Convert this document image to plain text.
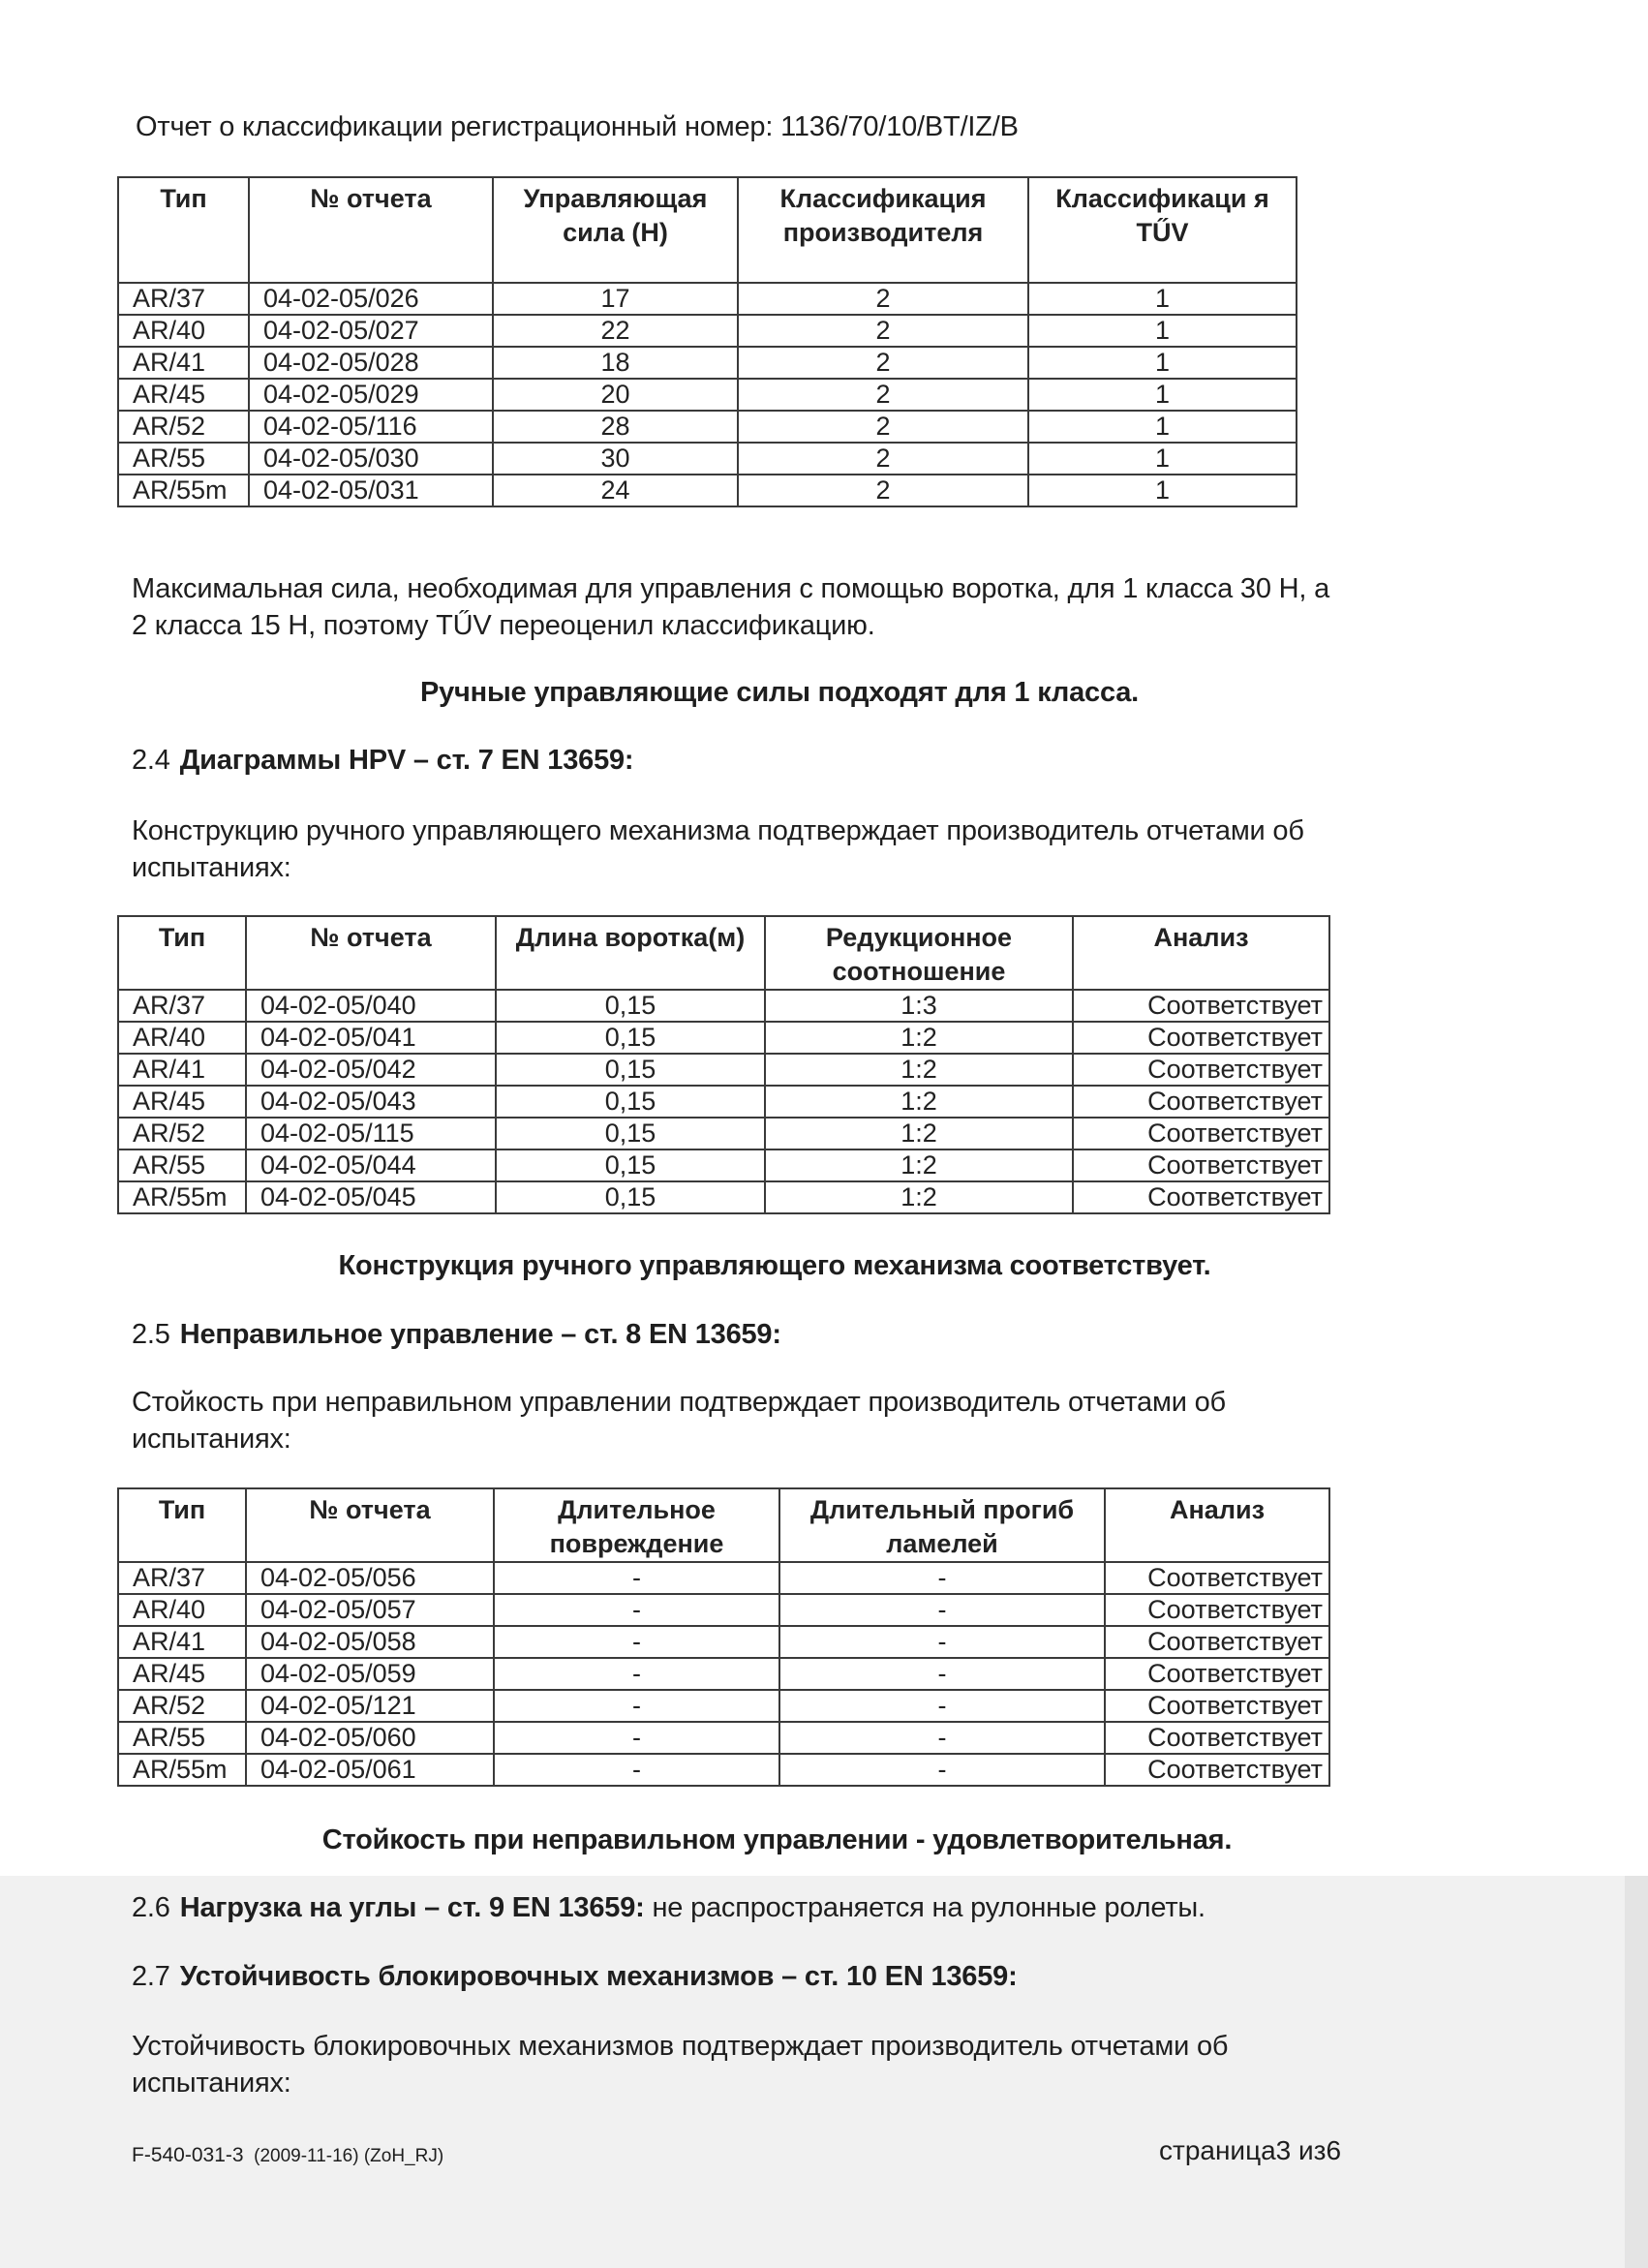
Отчет о классификации регистрационный номер: 1136/70/10/BT/IZ/B
Тип	№ отчета	Управляющая сила (Н)	Классификация производителя	Классификаци я TŰV
AR/37	04-02-05/026	17	2	1
AR/40	04-02-05/027	22	2	1
AR/41	04-02-05/028	18	2	1
AR/45	04-02-05/029	20	2	1
AR/52	04-02-05/116	28	2	1
AR/55	04-02-05/030	30	2	1
AR/55m	04-02-05/031	24	2	1
Максимальная сила, необходимая для управления с помощью воротка, для 1 класса 30 Н, а
2 класса 15 Н, поэтому TŰV переоценил классификацию.
Ручные управляющие силы подходят для 1 класса.
2.4 Диаграммы HPV – ст. 7 EN 13659:
Конструкцию ручного управляющего механизма подтверждает производитель отчетами об
испытаниях:
Тип	№ отчета	Длина воротка(м)	Редукционное соотношение	Анализ
AR/37	04-02-05/040	0,15	1:3	Соответствует
AR/40	04-02-05/041	0,15	1:2	Соответствует
AR/41	04-02-05/042	0,15	1:2	Соответствует
AR/45	04-02-05/043	0,15	1:2	Соответствует
AR/52	04-02-05/115	0,15	1:2	Соответствует
AR/55	04-02-05/044	0,15	1:2	Соответствует
AR/55m	04-02-05/045	0,15	1:2	Соответствует
Конструкция ручного управляющего механизма соответствует.
2.5 Неправильное управление – ст. 8 EN 13659:
Стойкость при неправильном управлении подтверждает производитель отчетами об
испытаниях:
Тип	№ отчета	Длительное повреждение	Длительный прогиб ламелей	Анализ
AR/37	04-02-05/056	-	-	Соответствует
AR/40	04-02-05/057	-	-	Соответствует
AR/41	04-02-05/058	-	-	Соответствует
AR/45	04-02-05/059	-	-	Соответствует
AR/52	04-02-05/121	-	-	Соответствует
AR/55	04-02-05/060	-	-	Соответствует
AR/55m	04-02-05/061	-	-	Соответствует
Стойкость при неправильном управлении - удовлетворительная.
2.6 Нагрузка на углы – ст. 9 EN 13659: не распространяется на рулонные ролеты.
2.7 Устойчивость блокировочных механизмов – ст. 10 EN 13659:
Устойчивость блокировочных механизмов подтверждает производитель отчетами об
испытаниях:
F-540-031-3 (2009-11-16) (ZoH_RJ)	страница3 из6
